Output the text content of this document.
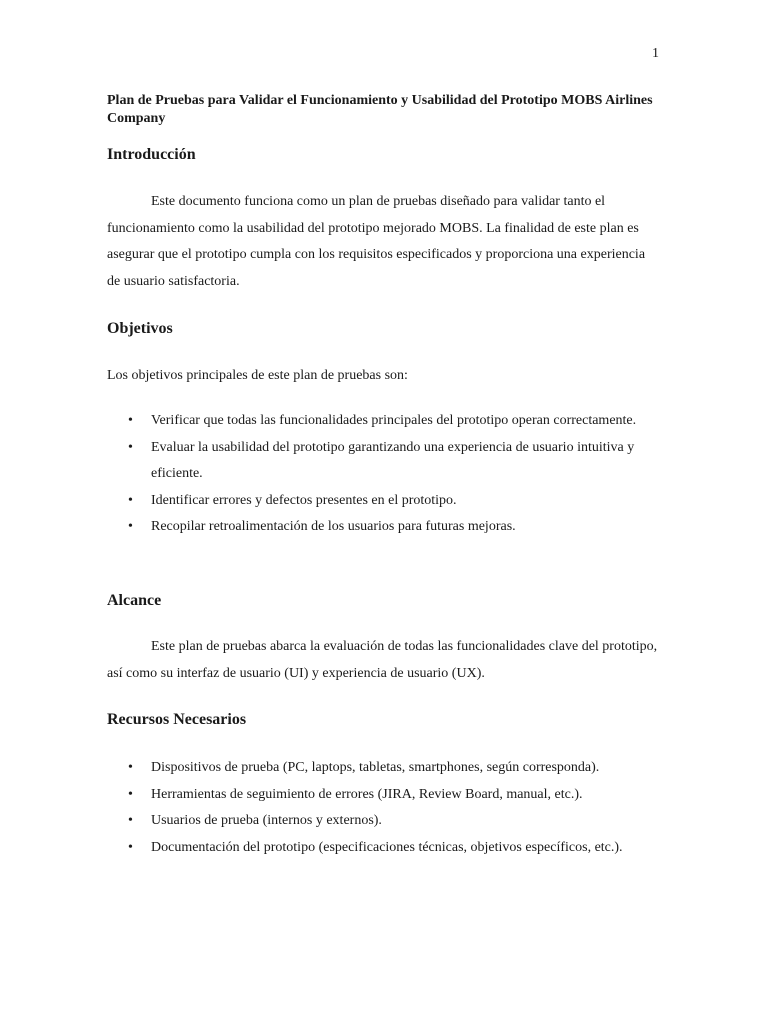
1
Plan de Pruebas para Validar el Funcionamiento y Usabilidad del Prototipo MOBS Airlines Company
Introducción

Este documento funciona como un plan de pruebas diseñado para validar tanto el funcionamiento como la usabilidad del prototipo mejorado MOBS. La finalidad de este plan es asegurar que el prototipo cumpla con los requisitos especificados y proporciona una experiencia de usuario satisfactoria.

Objetivos

Los objetivos principales de este plan de pruebas son:

• Verificar que todas las funcionalidades principales del prototipo operan correctamente.
• Evaluar la usabilidad del prototipo garantizando una experiencia de usuario intuitiva y eficiente.
• Identificar errores y defectos presentes en el prototipo.
• Recopilar retroalimentación de los usuarios para futuras mejoras.
Alcance

Este plan de pruebas abarca la evaluación de todas las funcionalidades clave del prototipo, así como su interfaz de usuario (UI) y experiencia de usuario (UX).

Recursos Necesarios
• Dispositivos de prueba (PC, laptops, tabletas, smartphones, según corresponda).
• Herramientas de seguimiento de errores (JIRA, Review Board, manual, etc.).
• Usuarios de prueba (internos y externos).
• Documentación del prototipo (especificaciones técnicas, objetivos específicos, etc.).
